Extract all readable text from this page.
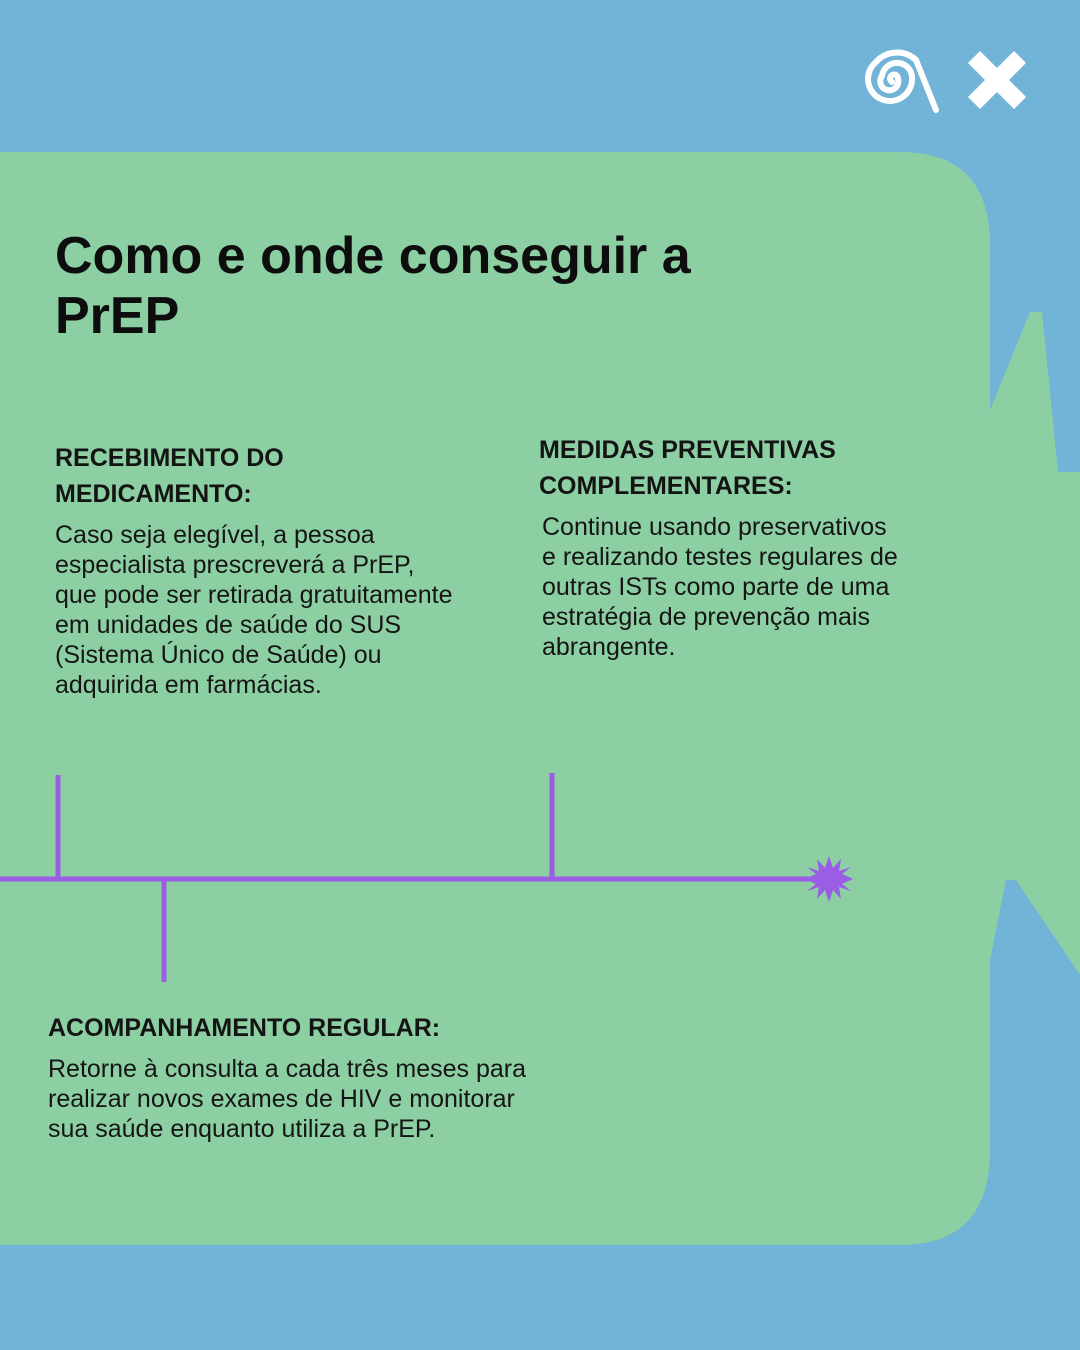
Como e onde conseguir a PrEP
RECEBIMENTO DO MEDICAMENTO:

Caso seja elegível, a pessoa especialista prescreverá a PrEP, que pode ser retirada gratuitamente em unidades de saúde do SUS (Sistema Único de Saúde) ou adquirida em farmácias.

MEDIDAS PREVENTIVAS COMPLEMENTARES:

Continue usando preservativos e realizando testes regulares de outras ISTs como parte de uma estratégia de prevenção mais abrangente.

ACOMPANHAMENTO REGULAR:

Retorne à consulta a cada três meses para realizar novos exames de HIV e monitorar sua saúde enquanto utiliza a PrEP.
